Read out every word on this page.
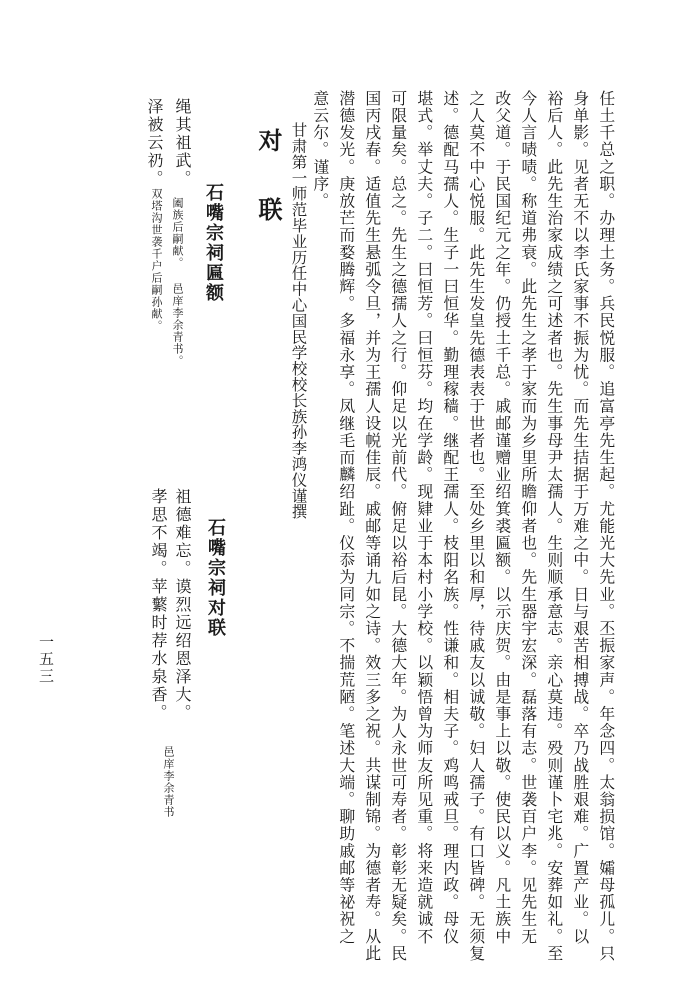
任土千总之职。办理土务。兵民悦服。追富亭先生起。尤能光大先业。丕振家声。年念四。太翁损馆。孀母孤儿。只
身单影。见者无不以李氏家事不振为忧。而先生拮据于万难之中。日与艰苦相搏战。卒乃战胜艰难。广置产业。以
裕后人。此先生治家成绩之可述者也。先生事母尹太孺人。生则顺承意志。亲心莫违。殁则谨卜宅兆。安葬如礼。至
今人言啧啧。称道弗衰。此先生之孝于家而为乡里所瞻仰者也。先生器宇宏深。磊落有志。世袭百户李。见先生无
改父道。于民国纪元之年。仍授土千总。戚邮谨赠业绍箕裘匾额。以示庆贺。由是事上以敬。使民以义。凡土族中
之人莫不中心悦服。此先生发皇先德表表于世者也。至处乡里以和厚，待戚友以诚敬。妇人孺子。有口皆碑。无须复
述。德配马孺人。生子一曰恒华。勤理稼穑。继配王孺人。枝阳名族。性谦和。相夫子。鸡鸣戒旦。理内政。母仪
堪式。举丈夫。子二。曰恒芳。曰恒芬。均在学龄。现肄业于本村小学校。以颖悟曾为师友所见重。将来造就诚不
可限量矣。总之。先生之德孺人之行。仰足以光前代。俯足以裕后昆。大德大年。为人永世可寿者。彰彰无疑矣。民
国丙戌春。适值先生悬弧令旦，并为王孺人设帨佳辰。戚邮等诵九如之诗。效三多之祝。共谋制锦。为德者寿。从此
潜德发光。庚放芒而婺腾辉。多福永享。凤继毛而麟绍趾。仪忝为同宗。不揣荒陋。笔述大端。聊助戚邮等祕祝之
意云尔。谨序。
甘肃第一师范毕业历任中心国民学校校长族孙李鸿仪谨撰
对 联
石嘴宗祠对联
祖德难忘。谟烈远绍恩泽大。
孝思不竭。苹蘩时荐水泉香。
邑庠李余青书
石嘴宗祠匾额
绳其祖武。
阖族后嗣献。 邑庠李余青书。
泽被云礽。
双塔沟世袭千户后嗣孙献。
一五三
